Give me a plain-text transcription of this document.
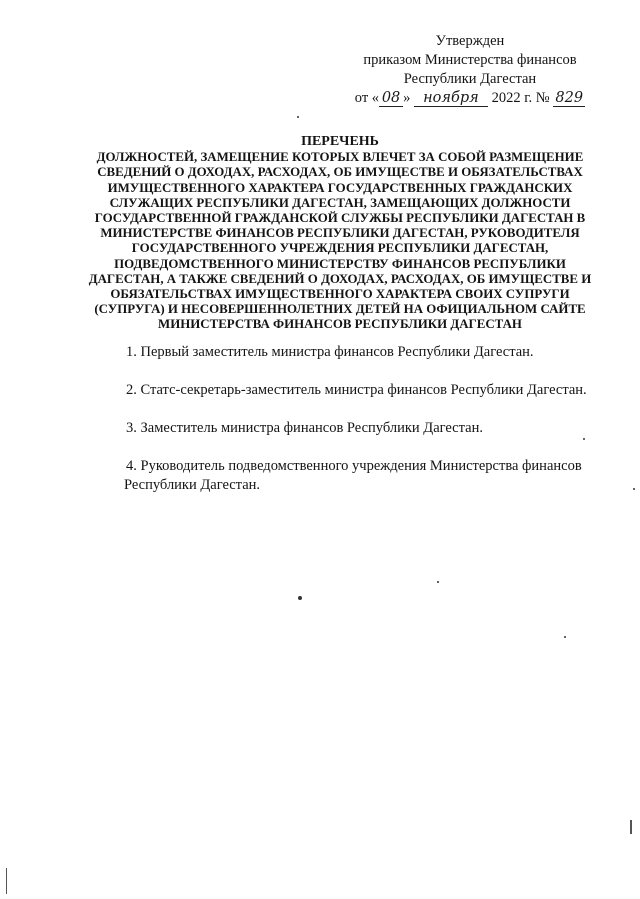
Утвержден
приказом Министерства финансов
Республики Дагестан
от « 08 » ноября 2022 г. № 829
ПЕРЕЧЕНЬ
ДОЛЖНОСТЕЙ, ЗАМЕЩЕНИЕ КОТОРЫХ ВЛЕЧЕТ ЗА СОБОЙ РАЗМЕЩЕНИЕ
СВЕДЕНИЙ О ДОХОДАХ, РАСХОДАХ, ОБ ИМУЩЕСТВЕ И ОБЯЗАТЕЛЬСТВАХ
ИМУЩЕСТВЕННОГО ХАРАКТЕРА ГОСУДАРСТВЕННЫХ ГРАЖДАНСКИХ
СЛУЖАЩИХ РЕСПУБЛИКИ ДАГЕСТАН, ЗАМЕЩАЮЩИХ ДОЛЖНОСТИ
ГОСУДАРСТВЕННОЙ ГРАЖДАНСКОЙ СЛУЖБЫ РЕСПУБЛИКИ ДАГЕСТАН В
МИНИСТЕРСТВЕ ФИНАНСОВ РЕСПУБЛИКИ ДАГЕСТАН, РУКОВОДИТЕЛЯ
ГОСУДАРСТВЕННОГО УЧРЕЖДЕНИЯ РЕСПУБЛИКИ ДАГЕСТАН,
ПОДВЕДОМСТВЕННОГО МИНИСТЕРСТВУ ФИНАНСОВ РЕСПУБЛИКИ
ДАГЕСТАН, А ТАКЖЕ СВЕДЕНИЙ О ДОХОДАХ, РАСХОДАХ, ОБ ИМУЩЕСТВЕ И
ОБЯЗАТЕЛЬСТВАХ ИМУЩЕСТВЕННОГО ХАРАКТЕРА СВОИХ СУПРУГИ
(СУПРУГА) И НЕСОВЕРШЕННОЛЕТНИХ ДЕТЕЙ НА ОФИЦИАЛЬНОМ САЙТЕ
МИНИСТЕРСТВА ФИНАНСОВ РЕСПУБЛИКИ ДАГЕСТАН
1. Первый заместитель министра финансов Республики Дагестан.
2. Статс-секретарь-заместитель министра финансов Республики Дагестан.
3. Заместитель министра финансов Республики Дагестан.
4. Руководитель подведомственного учреждения Министерства финансов
Республики Дагестан.
